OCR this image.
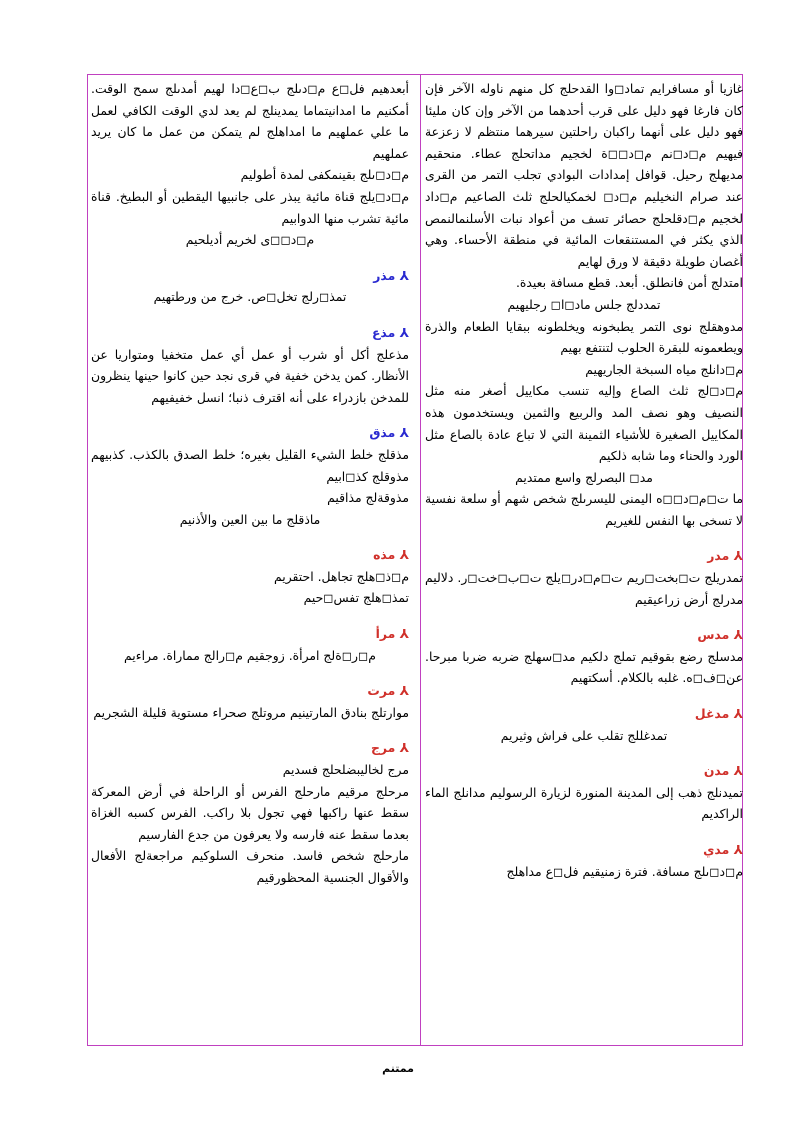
غازيا أو مسافرايم تماد◻وا القدحلج كل منهم ناوله الآخر فإن كان فارغا فهو دليل على قرب أحدهما من الآخر وإن كان مليئا فهو دليل على أنهما راكبان راحلتين سيرهما منتظم لا زعزعة فيهيم م◻د◻نم م◻د◻◻ة لخجيم مداتحلج عطاء. منحقيم مديهلج رحيل. قوافل إمدادات البوادي تجلب التمر من القرى عند صرام النخيليم م◻د◻ لخمكيالحلج ثلث الصاعيم م◻داد لخجيم م◻دقلحلج حصائر تسف من أعواد نبات الأسلنمالنمص الذي يكثر في المستنقعات المائية في منطقة الأحساء. وهي أغصان طويلة دقيقة لا ورق لهايم

امتدلج أمن فانطلق. أبعد. قطع مسافة بعيدة.

تمددلج جلس ماد◻ا◻ رجليهيم

مدوهقلج نوى التمر يطبخونه ويخلطونه ببقايا الطعام والذرة ويطعمونه للبقرة الحلوب لتنتفع بهيم

م◻دانلج مياه السبخة الجاريهيم

م◻د◻لج ثلث الصاع وإليه تنسب مكاييل أصغر منه مثل النصيف وهو نصف المد والربيع والثمين ويستخدمون هذه المكاييل الصغيرة للأشياء الثمينة التي لا تباع عادة بالصاع مثل الورد والحناء وما شابه ذلكيم

مد◻ البصرلج واسع ممتديم

ما ت◻م◻د◻◻ه اليمنى لليسرىلج شخص شهم أو سلعة نفسية لا تسخى بها النفس للغيريم

⅄ مدر

تمدريلج ت◻بخت◻ريم ت◻م◻در◻يلج ت◻ب◻خت◻ر. دلاليم مدرلج أرض زراعيقيم

⅄ مدس

مدسلج رضع بقوقيم تملج دلكيم مد◻سهلج ضربه ضربا مبرحا. عن◻ف◻ه. غلبه بالكلام. أسكتهيم

⅄ مدغل

تمدغللج تقلب على فراش وثيريم

⅄ مدن

تميدنلج ذهب إلى المدينة المنورة لزيارة الرسوليم مدانلج الماء الراكديم

⅄ مدي

م◻د◻ىلج مسافة. فترة زمنيقيم فل◻ع مداهلج

أبعدهيم فل◻ع م◻دىلج ب◻ع◻دا لهيم أمدىلج سمح الوقت. أمكنيم ما امدانيتماما يمدينلج لم يعد لدي الوقت الكافي لعمل ما علي عملهيم ما امداهلج لم يتمكن من عمل ما كان يريد عملهيم

م◻د◻ىلج بقينمكفى لمدة أطوليم

م◻د◻يلج قناة مائية يبذر على جانبيها اليقطين أو البطيخ. قناة مائية تشرب منها الدوابيم

م◻د◻◻ى لخريم أديلحيم

⅄ مذر

تمذ◻رلج تخل◻ص. خرج من ورطتهيم

⅄ مذع

مذعلج أكل أو شرب أو عمل أي عمل متخفيا ومتواريا عن الأنظار. كمن يدخن خفية في قرى نجد حين كانوا حينها ينظرون للمدخن بازدراء على أنه اقترف ذنبا؛ انسل خفيفيهم

⅄ مذق

مذقلج خلط الشيء القليل بغيره؛ خلط الصدق بالكذب. كذبيهم مذوقلج كذ◻ابيم

مذوقةلج مذاقيم

ماذقلج ما بين العين والأذنيم

⅄ مذه

م◻ذ◻هلج تجاهل. احتقريم

تمذ◻هلج تفس◻حيم

⅄ مرأ

م◻ر◻ةلج امرأة. زوجقيم م◻رالج مماراة. مراءيم

⅄ مرت

موارتلج بنادق المارتينيم مروتلج صحراء مستوية قليلة الشجريم

⅄ مرج

مرج لخاليبضلحلج فسديم

مرحلج مرقيم مارحلج الفرس أو الراحلة في أرض المعركة سقط عنها راكبها فهي تجول بلا راكب. الفرس كسبه الغزاة بعدما سقط عنه فارسه ولا يعرفون من جدع الفارسيم

مارحلج شخص فاسد. منحرف السلوكيم مراجعةلج الأفعال والأقوال الجنسية المحظورقيم

ممتنم
